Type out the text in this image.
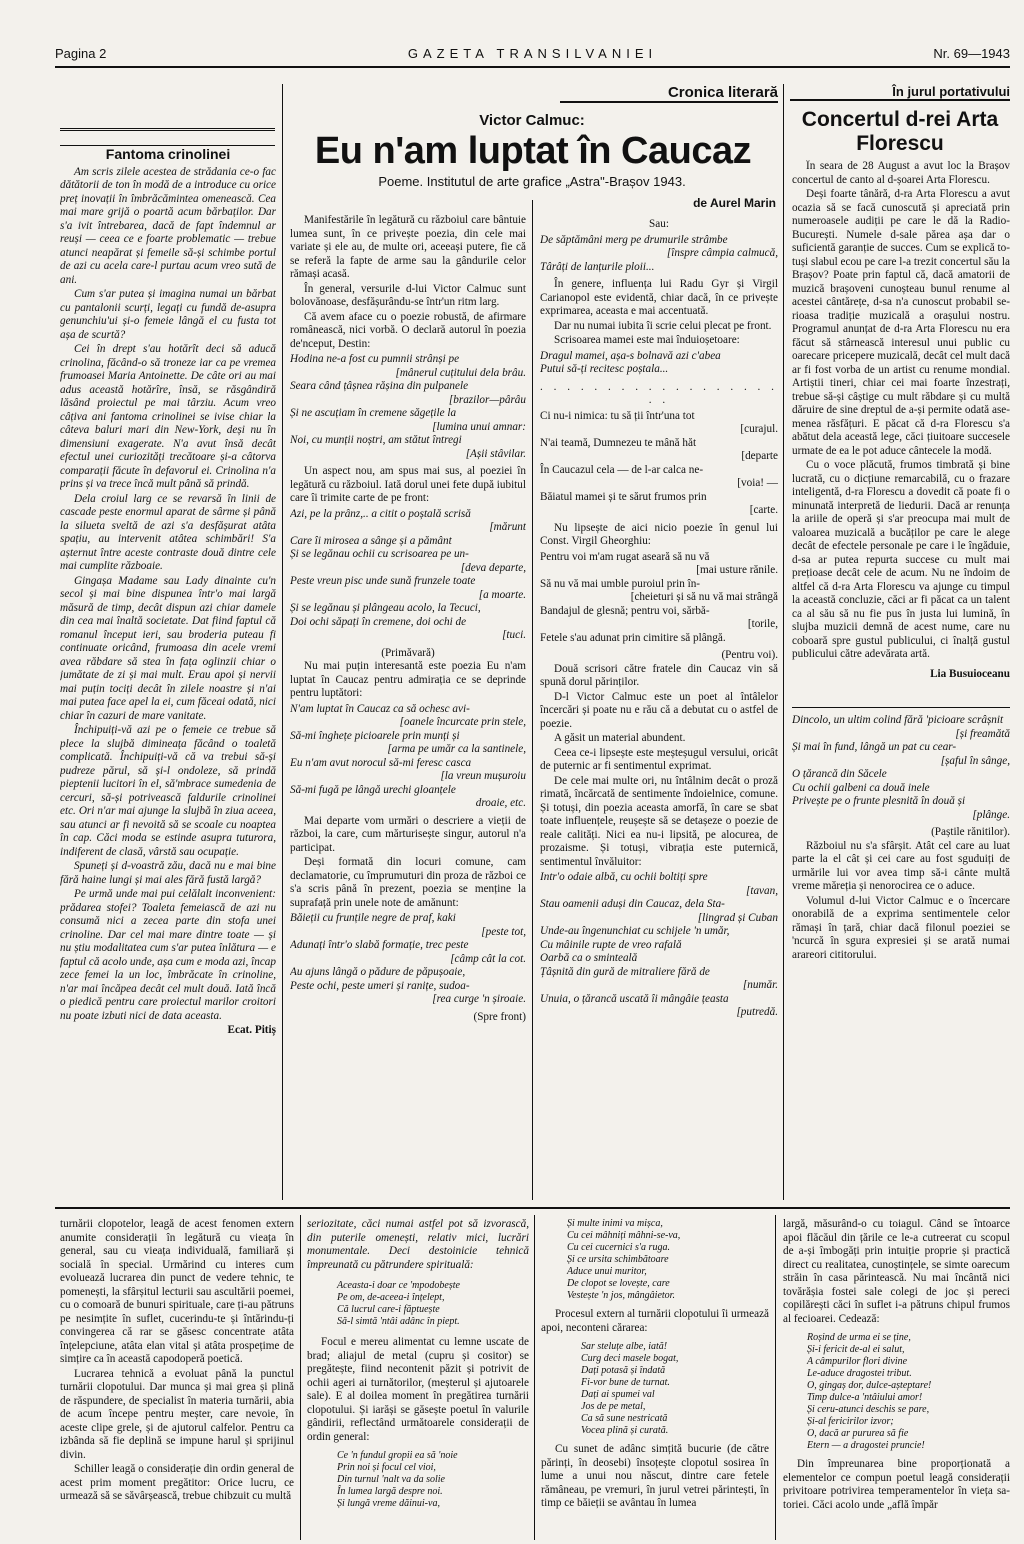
Pagina 2	GAZETA TRANSILVANIEI	Nr. 69—1943
Fantoma crinolinei

Am scris zilele acestea de strădania ce-o fac dătătorii de ton în modă de a introduce cu orice preț inovații în îmbrăcămintea omenească. Cea mai mare grijă o poartă acum bărbaților. Dar s'a ivit întrebarea, dacă de fapt îndemnul ar reuși — ceea ce e foarte problematic — trebue atunci neapărat și femeile să-și schimbe portul de azi cu acela care-l purtau acum vreo sută de ani.

Cum s'ar putea și imagina numai un bărbat cu pantalonii scurți, legați cu fundă de-asupra genunchiu'ui și-o femeie lângă el cu fusta tot așa de scurtă?

Cei în drept s'au hotărît deci să aducă crinolina, făcând-o să troneze iar ca pe vremea frumoasei Maria Antoinette. De câte ori au mai adus această hotărîre, însă, se răsgândiră lăsând proiectul pe mai târziu. Acum vreo câțiva ani fantoma crinolinei se ivise chiar la câteva baluri mari din New-York, deși nu în dimensiuni exagerate. N'a avut însă decât efectul unei curiozități trecătoare și-a câtorva comparații făcute în defavorul ei. Crinolina n'a prins și va trece încă mult până să prindă.

Dela croiul larg ce se revarsă în linii de cascade peste enormul aparat de sârme și până la silueta sveltă de azi s'a desfășurat atâta spațiu, au intervenit atâtea schimbări! S'a așternut între aceste contraste două dintre cele mai cumplite războaie.

Gingașa Madame sau Lady dinainte cu'n secol și mai bine dispunea într'o mai largă măsură de timp, decât dispun azi chiar damele din cea mai înaltă societate. Dat fiind faptul că romanul început ieri, sau broderia puteau fi continuate oricând, frumoasa din acele vremi avea răbdare să stea în fața oglinzii chiar o jumătate de zi și mai mult. Erau apoi și nervii mai puțin tociți decât în zilele noastre și n'ai mai putea face apel la ei, cum făceai odată, nici chiar în cazuri de mare vanitate.

Închipuiți-vă azi pe o femeie ce trebue să plece la slujbă dimineața făcând o toaletă complicată. Închipuiți-vă că va trebui să-și pudreze părul, să și-l ondoleze, să prindă pieptenii lucitori în el, să'mbrace sumedenia de cercuri, să-și potrivească faldurile crinolinei etc. Ori n'ar mai ajunge la slujbă în ziua aceea, sau atunci ar fi nevoită să se scoale cu noaptea în cap. Căci moda se estinde asupra tuturora, indiferent de clasă, vârstă sau ocupație.

Spuneți și d-voastră zău, dacă nu e mai bine fără haine lungi și mai ales fără fustă largă?

Pe urmă unde mai pui celălalt inconvenient: prădarea stofei? Toaleta femeiască de azi nu consumă nici a zecea parte din stofa unei crinoline. Dar cel mai mare dintre toate — și nu știu modalitatea cum s'ar putea înlătura — e faptul că acolo unde, așa cum e moda azi, încap zece femei la un loc, îmbrăcate în crinoline, n'ar mai încăpea decât cel mult două. Iată încă o piedică pentru care proiectul marilor croitori nu poate izbuti nici de data aceasta.

Ecat. Pitiș
Cronica literară
Victor Calmuc:
Eu n'am luptat în Caucaz
Poeme. Institutul de arte grafice „Astra"-Brașov 1943.
de Aurel Marin

Manifestările în legătură cu războiul care bântuie lumea sunt, în ce privește poezia, din cele mai variate și ele au, de multe ori, aceeași putere, fie că se referă la fapte de arme sau la gândurile celor rămași acasă.

În general, versurile d-lui Victor Calmuc sunt bolovănoase, desfășurându-se într'un ritm larg.

Că avem aface cu o poezie robustă, de afirmare românească, nici vorbă. O declară autorul în poezia de'nceput, Destin:

Hodina ne-a fost cu pumnii strânși pe
[mânerul cuțitului dela brâu.
Seara când țâșnea rășina din pulpanele
[brazilor—pârâu
Și ne ascuțiam în cremene săgețile la
[lumina unui amnar:
Noi, cu munții noștri, am stătut întregi
[Așii stâvilar.

Un aspect nou, am spus mai sus, al poeziei în legătură cu războiul. Iată dorul unei fete după iubitul care îi trimite carte de pe front:

Azi, pe la prânz,.. a citit o poștală scrisă
[mărunt
Care îi mirosea a sânge și a pământ
Și se legănau ochii cu scrisoarea pe un-
[deva departe,
Peste vreun pisc unde sună frunzele toate
[a moarte.
Și se legănau și plângeau acolo, la Tecuci,
Doi ochi săpați în cremene, doi ochi de
[tuci.
(Primăvară)

Nu mai puțin interesantă este poezia Eu n'am luptat în Caucaz pentru admirația ce se deprinde pentru luptători:

N'am luptat în Caucaz ca să ochesc avi-
[oanele încurcate prin stele,
Să-mi înghețe picioarele prin munți și
[arma pe umăr ca la santinele,
Eu n'am avut norocul să-mi feresc casca
[la vreun mușuroiu
Să-mi fugă pe lângă urechi gloanțele
droaie, etc.

Mai departe vom urmări o descriere a vieții de război, la care, cum mărturisește singur, autorul n'a participat.

Deși formată din locuri comune, cam declamatorie, cu împrumuturi din proza de război ce s'a scris până în prezent, poezia se menține la suprafață prin unele note de amănunt:

Băieții cu frunțile negre de praf, kaki
[peste tot,
Adunați într'o slabă formație, trec peste
[câmp cât la cot.
Au ajuns lângă o pădure de păpușoaie,
Peste ochi, peste umeri și ranițe, sudoa-
[rea curge 'n șiroaie.
(Spre front)
Sau:
De săptămâni merg pe drumurile strâmbe
[înspre câmpia calmucă,
Târâți de lanțurile ploii...

În genere, influența lui Radu Gyr și Virgil Carianopol este evidentă, chiar dacă, în ce privește exprimarea, aceasta e mai accentuată.

Dar nu numai iubita îi scrie celui plecat pe front.

Scrisoarea mamei este mai înduioșetoare:

Dragul mamei, așa-s bolnavă azi c'abea
Putui să-ți recitesc poștala...
. . . . . . . . . . . . . . . . . . . .
Ci nu-i nimica: tu să ții într'una tot
[curajul.
N'ai teamă, Dumnezeu te mână hăt
[departe
În Caucazul cela — de l-ar calca ne-
[voia! —
Băiatul mamei și te sărut frumos prin
[carte.

Nu lipsește de aici nicio poezie în genul lui Const. Virgil Gheorghiu:

Pentru voi m'am rugat aseară să nu vă
[mai usture rănile.
Să nu vă mai umble puroiul prin în-
[cheieturi și să nu vă mai strângă
Bandajul de glesnă; pentru voi, sărbă-
[torile,
Fetele s'au adunat prin cimitire să plângă.
(Pentru voi).

Două scrisori către fratele din Caucaz vin să spună dorul părinților.

D-l Victor Calmuc este un poet al întâlelor încercări și poate nu e rău că a debutat cu o astfel de poezie.

A găsit un material abundent.

Ceea ce-i lipsește este meșteșugul versului, oricât de puternic ar fi sentimentul exprimat.

De cele mai multe ori, nu întâlnim decât o proză rimată, încărcată de sentimente îndoielnice, comune. Și totuși, din poezia aceasta amorfă, în care se sbat toate influențele, reușește să se detașeze o poezie de reale calități. Nici ea nu-i lipsită, pe alocurea, de prozaisme. Și totuși, vibrația este puternică, sentimentul învăluitor:

Intr'o odaie albă, cu ochii boltiți spre
[tavan,
Stau oamenii aduși din Caucaz, dela Sta-
[lingrad și Cuban
Unde-au îngenunchiat cu schijele 'n umăr,
Cu mâinile rupte de vreo rafală
Oarbă ca o sminteală
Țâșnită din gură de mitraliere fără de
[număr.
Unuia, o țărancă uscată îi mângâie țeasta
[putredă.
În jurul portativului
Concertul d-rei Arta Florescu

În seara de 28 August a avut loc la Brașov concertul de canto al d-șoarei Arta Florescu.

Deși foarte tânără, d-ra Arta Florescu a avut ocazia să se facă cunoscută și apreciată prin numeroasele audiții pe care le dă la Radio-București. Numele d-sale părea așa dar o suficientă garanție de succes. Cum se explică totuși slabul ecou pe care l-a trezit concertul său la Brașov? Poate prin faptul că, dacă amatorii de muzică brașoveni cunoșteau bunul renume al acestei cântărețe, d-sa n'a cunoscut probabil serioasa tradiție muzicală a orașului nostru. Programul anunțat de d-ra Arta Florescu nu era făcut să stârnească interesul unui public cu oarecare pricepere muzicală, decât cel mult dacă ar fi fost vorba de un artist cu renume mondial. Artiștii tineri, chiar cei mai foarte înzestrați, trebue să-și câștige cu mult răbdare și cu multă dăruire de sine dreptul de a-și permite odată asemenea răsfățuri. E păcat că d-ra Florescu s'a abătut dela această lege, căci țiuitoare succesele urmate de ea le pot aduce cântecele la modă.

Cu o voce plăcută, frumos timbrată și bine lucrată, cu o dicțiune remarcabilă, cu o frazare inteligentă, d-ra Florescu a dovedit că poate fi o minunată interpretă de liedurii. Dacă ar renunța la ariile de operă și s'ar preocupa mai mult de valoarea muzicală a bucăților pe care le alege decât de efectele personale pe care i le îngăduie, d-sa ar putea repurta succese cu mult mai prețioase decât cele de acum. Nu ne îndoim de altfel că d-ra Arta Florescu va ajunge cu timpul la această concluzie, căci ar fi păcat ca un talent ca al său să nu fie pus în justa lui lumină, în slujba muzicii demnă de acest nume, care nu coboară spre gustul publicului, ci înalță gustul publicului către adevărata artă.

Lia Busuioceanu
Dincolo, un ultim colind fără 'picioare scrâșnit
[și freamătă
Și mai în fund, lângă un pat cu cear-
[șaful în sânge,
O țărancă din Săcele
Cu ochii galbeni ca două inele
Privește pe o frunte plesnită în două și
[plânge.
(Paștile rănitilor).

Războiul nu s'a sfârșit. Atât cel care au luat parte la el cât și cei care au fost sguduiți de urmările lui vor avea timp să-i cânte multă vreme măreția și nenorocirea ce o aduce.

Volumul d-lui Victor Calmuc e o încercare onorabilă de a exprima sentimentele celor rămași în țară, chiar dacă filonul poeziei se 'ncurcă în sgura expresiei și se arată numai arareori cititorului.

turnării clopotelor, leagă de acest fenomen extern anumite considerații în legătură cu vieața în general, sau cu vieața individuală, familiară și socială în special. Urmărind cu interes cum evoluează lucrarea din punct de vedere tehnic, te pomenești, la sfârșitul lecturii sau ascultării poemei, cu o comoară de bunuri spirituale, care ți-au pătruns pe nesimțite în suflet, cucerindu-te și întărindu-ți convingerea că rar se găsesc concentrate atâta înțelepciune, atâta elan vital și atâta prospețime de simțire ca în această capodoperă poetică.

Lucrarea tehnică a evoluat până la punctul turnării clopotului. Dar munca și mai grea și plină de răspundere, de specialist în materia turnării, abia de acum începe pentru meșter, care nevoie, în aceste clipe grele, și de ajutorul calfelor. Pentru ca izbânda să fie deplină se impune harul și sprijinul divin.

Schiller leagă o considerație din ordin general de acest prim moment pregătitor: Orice lucru, ce urmează să se săvârșească, trebue chibzuit cu multă

seriozitate, căci numai astfel pot să izvorască, din puterile omenești, relativ mici, lucrări monumentale. Deci destoinicie tehnică împreunată cu pătrundere spirituală:

Aceasta-i doar ce 'mpodobește
Pe om, de-aceea-i înțelept,
Că lucrul care-i făptuește
Să-l simtă 'ntâi adânc în piept.

Focul e mereu alimentat cu lemne uscate de brad; aliajul de metal (cupru și cositor) se pregătește, fiind necontenit păzit și potrivit de ochii ageri ai turnătorilor, (meșterul și ajutoarele sale). E al doilea moment în pregătirea turnării clopotului. Și iarăși se găsește poetul în valurile gândirii, reflectând următoarele considerații de ordin general:

Ce 'n fundul gropii ea să 'noie
Prin noi și focul cel vioi,
Din turnul 'nalt va da solie
În lumea largă despre noi.
Și lungă vreme dăinui-va,
Și multe inimi va mișca,
Cu cei mâhniți mâhni-se-va,
Cu cei cucernici s'a ruga.
Și ce ursita schimbătoare
Aduce unui muritor,
De clopot se lovește, care
Vestește 'n jos, mângâietor.

Procesul extern al turnării clopotului îi urmează apoi, neconteni cărarea:

Sar steluțe albe, iată!
Curg deci masele bogat,
Dați potasă și îndată
Fi-vor bune de turnat.
Dați ai spumei val
Jos de pe metal,
Ca să sune nestricată
Vocea plină și curată.

Cu sunet de adânc simțită bucurie (de către părinți, în deosebi) însoțește clopotul sosirea în lume a unui nou născut, dintre care fetele rămâneau, pe vremuri, în jurul vetrei părintești, în timp ce băieții se avântau în lumea

largă, măsurând-o cu toiagul. Când se întoarce apoi flăcăul din țările ce le-a cutreerat cu scopul de a-și îmbogăți prin intuiție proprie și practică direct cu realitatea, cunoștințele, se simte oarecum străin în casa părintească. Nu mai încântă nici tovărășia fostei sale colegi de joc și pereci copilărești căci în suflet i-a pătruns chipul frumos al fecioarei. Cedează:

Roșind de urma ei se ține,
Și-i fericit de-al ei salut,
A câmpurilor flori divine
Le-aduce dragostei tribut.
O, gingaș dor, dulce-așteptare!
Timp dulce-a 'ntâiului amor!
Și ceru-atunci deschis se pare,
Și-al fericirilor izvor;
O, dacă ar pururea să fie
Etern — a dragostei pruncie!

Din împreunarea bine proporționată a elementelor ce compun poetul leagă considerații privitoare potrivirea temperamentelor în vieța satoriei. Căci acolo unde „află împăr
